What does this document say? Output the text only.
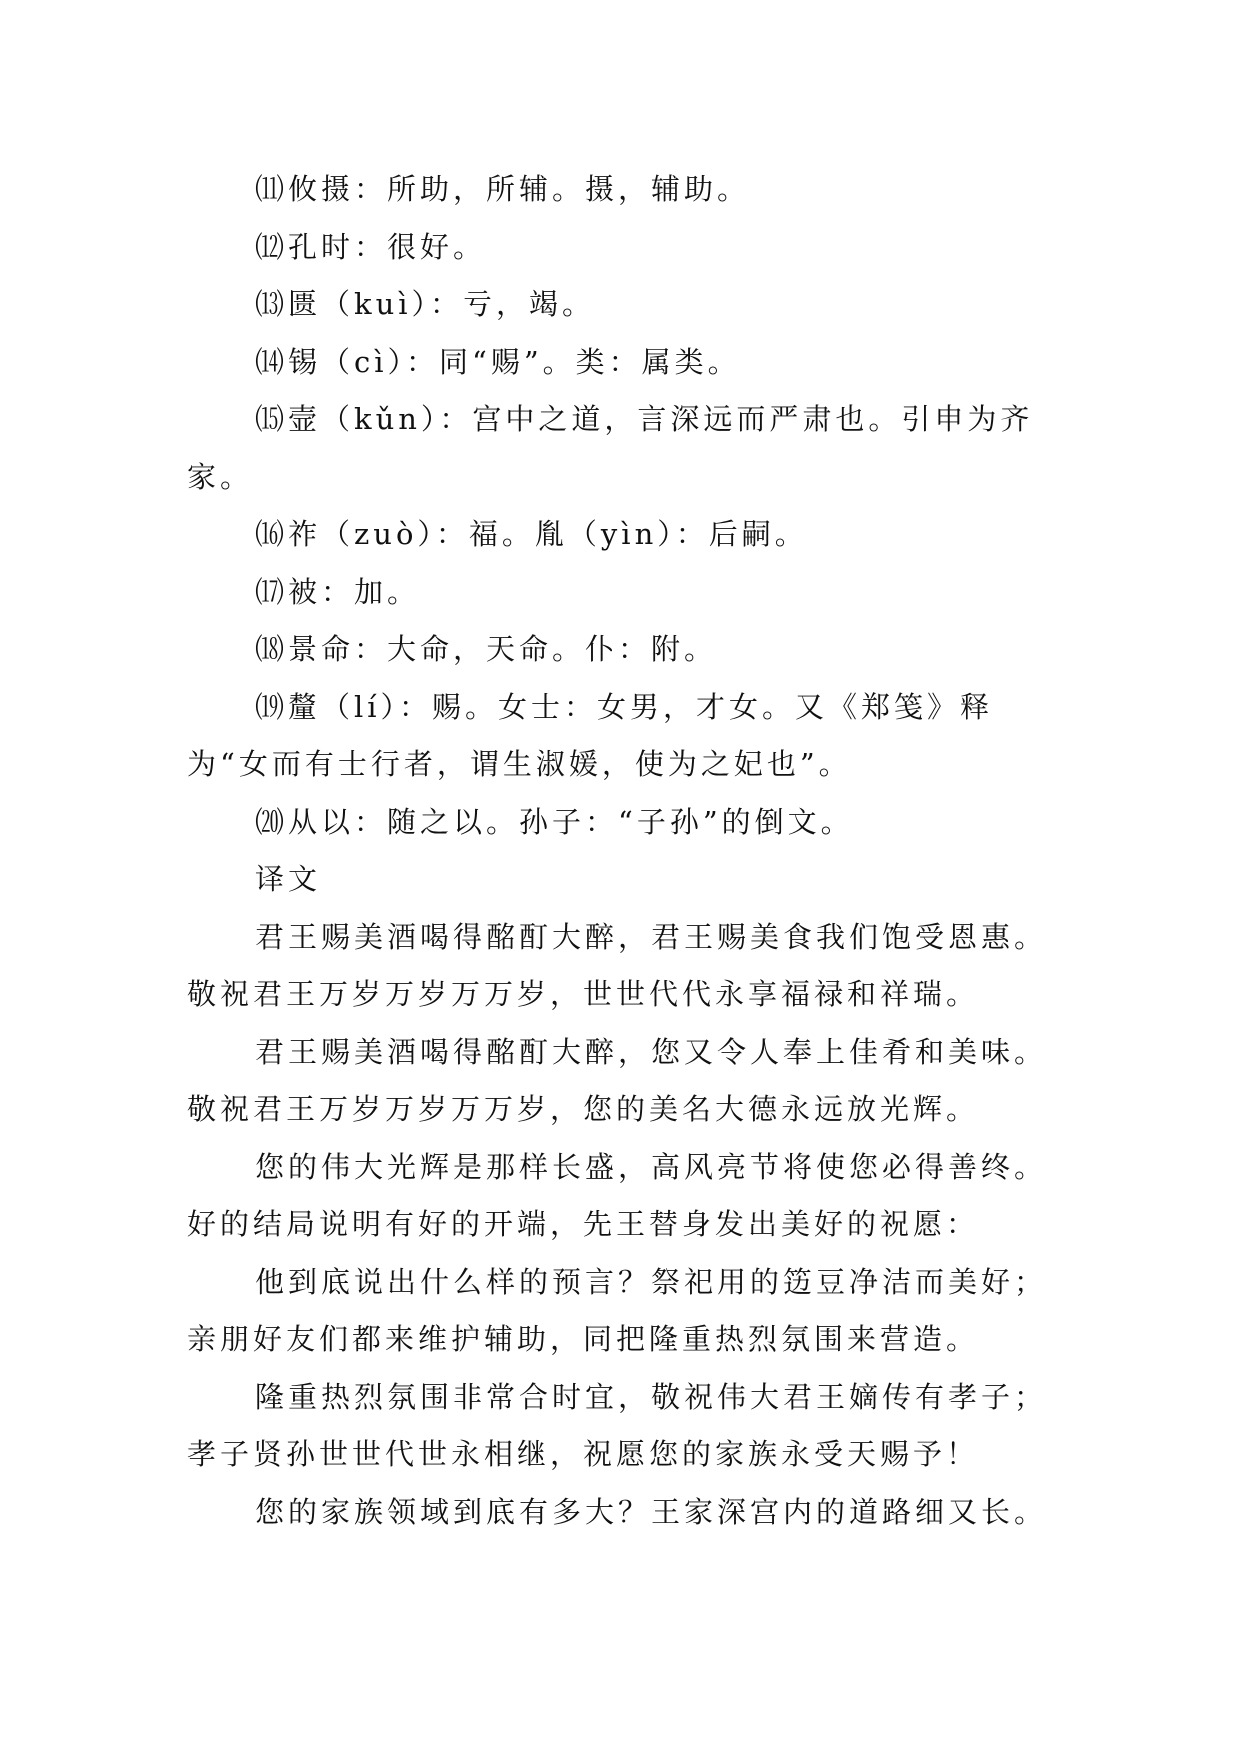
⑾攸摄：所助，所辅。摄，辅助。

⑿孔时：很好。

⒀匮（kuì）：亏，竭。

⒁锡（cì）：同“赐”。类：属类。

⒂壸（kǔn）：宫中之道，言深远而严肃也。引申为齐家。

⒃祚（zuò）：福。胤（yìn）：后嗣。

⒄被：加。

⒅景命：大命，天命。仆：附。

⒆釐（lí）：赐。女士：女男，才女。又《郑笺》释为“女而有士行者，谓生淑媛，使为之妃也”。

⒇从以：随之以。孙子：“子孙”的倒文。

译文

君王赐美酒喝得酩酊大醉，君王赐美食我们饱受恩惠。敬祝君王万岁万岁万万岁，世世代代永享福禄和祥瑞。

君王赐美酒喝得酩酊大醉，您又令人奉上佳肴和美味。敬祝君王万岁万岁万万岁，您的美名大德永远放光辉。

您的伟大光辉是那样长盛，高风亮节将使您必得善终。好的结局说明有好的开端，先王替身发出美好的祝愿：

他到底说出什么样的预言？祭祀用的笾豆净洁而美好；亲朋好友们都来维护辅助，同把隆重热烈氛围来营造。

隆重热烈氛围非常合时宜，敬祝伟大君王嫡传有孝子；孝子贤孙世世代世永相继，祝愿您的家族永受天赐予！

您的家族领域到底有多大？王家深宫内的道路细又长。
